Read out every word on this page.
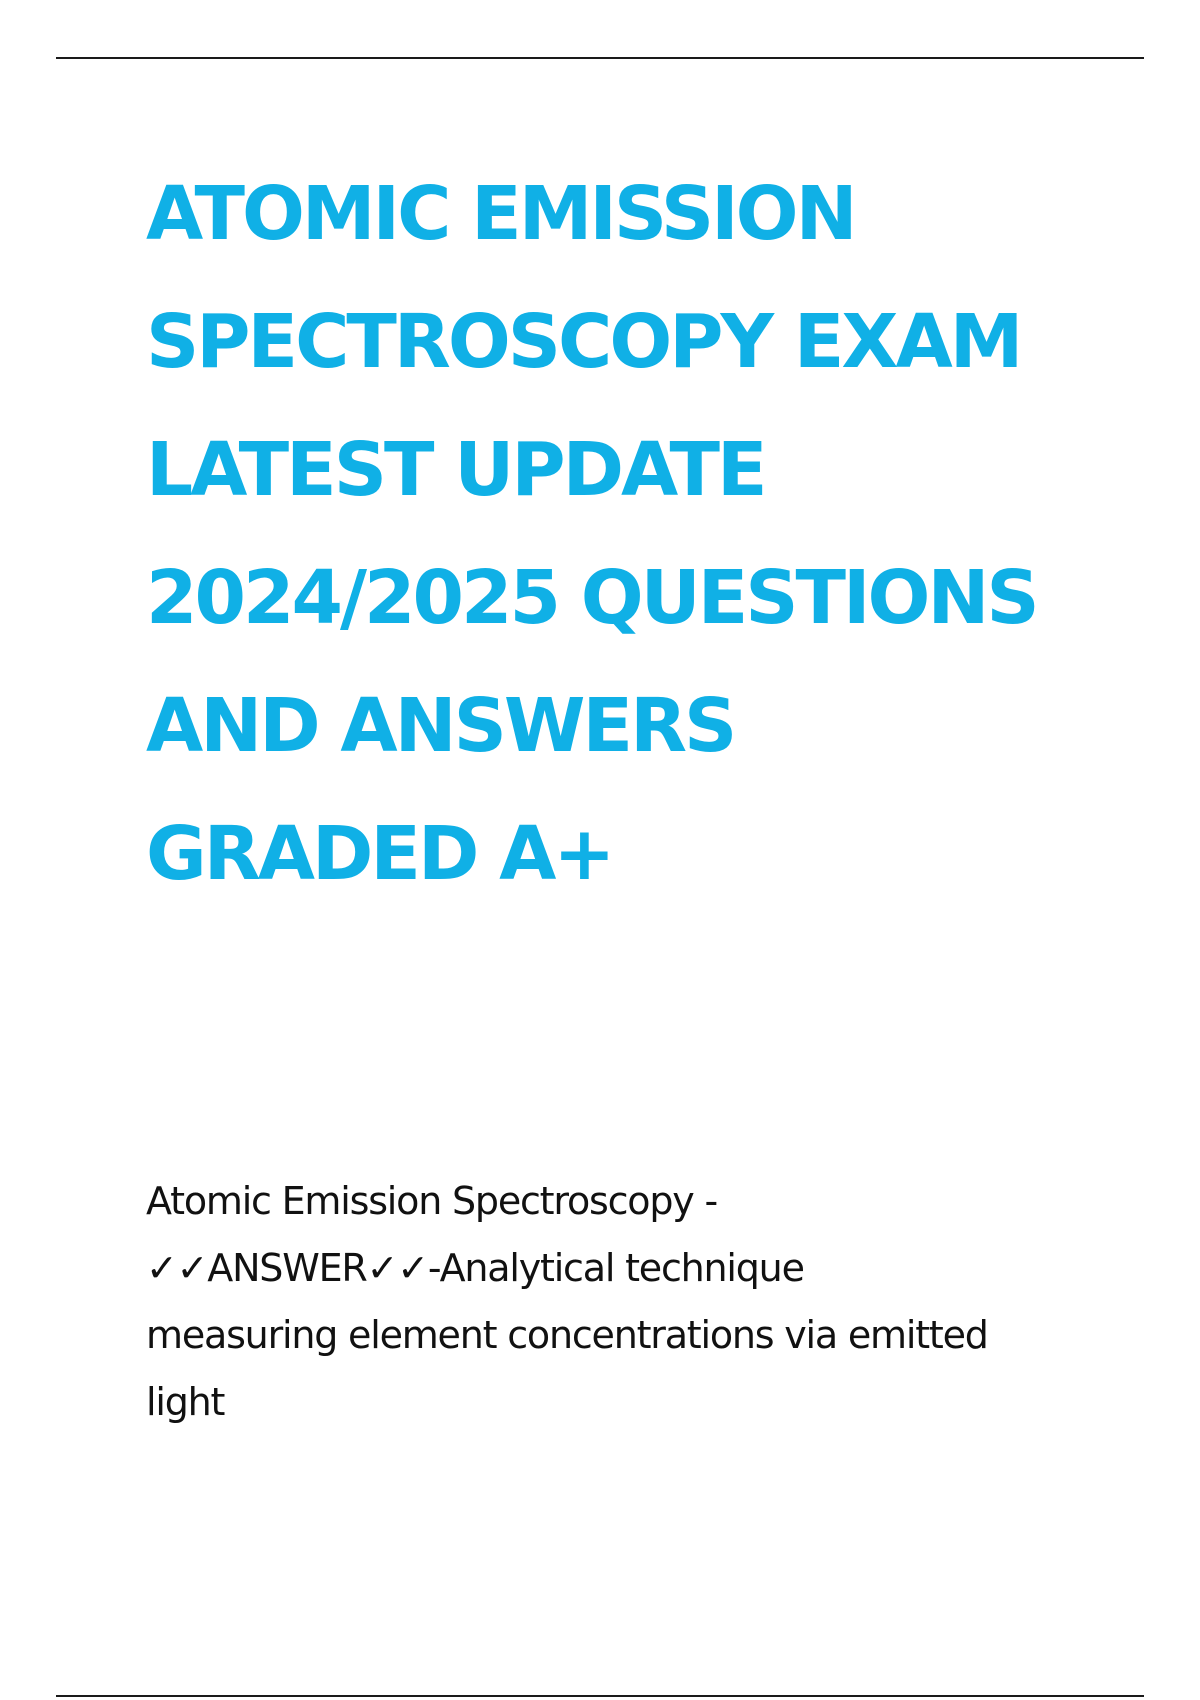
ATOMIC EMISSION
SPECTROSCOPY EXAM
LATEST UPDATE
2024/2025 QUESTIONS
AND ANSWERS
GRADED A+
Atomic Emission Spectroscopy -
✓✓ANSWER✓✓-Analytical technique
measuring element concentrations via emitted
light
